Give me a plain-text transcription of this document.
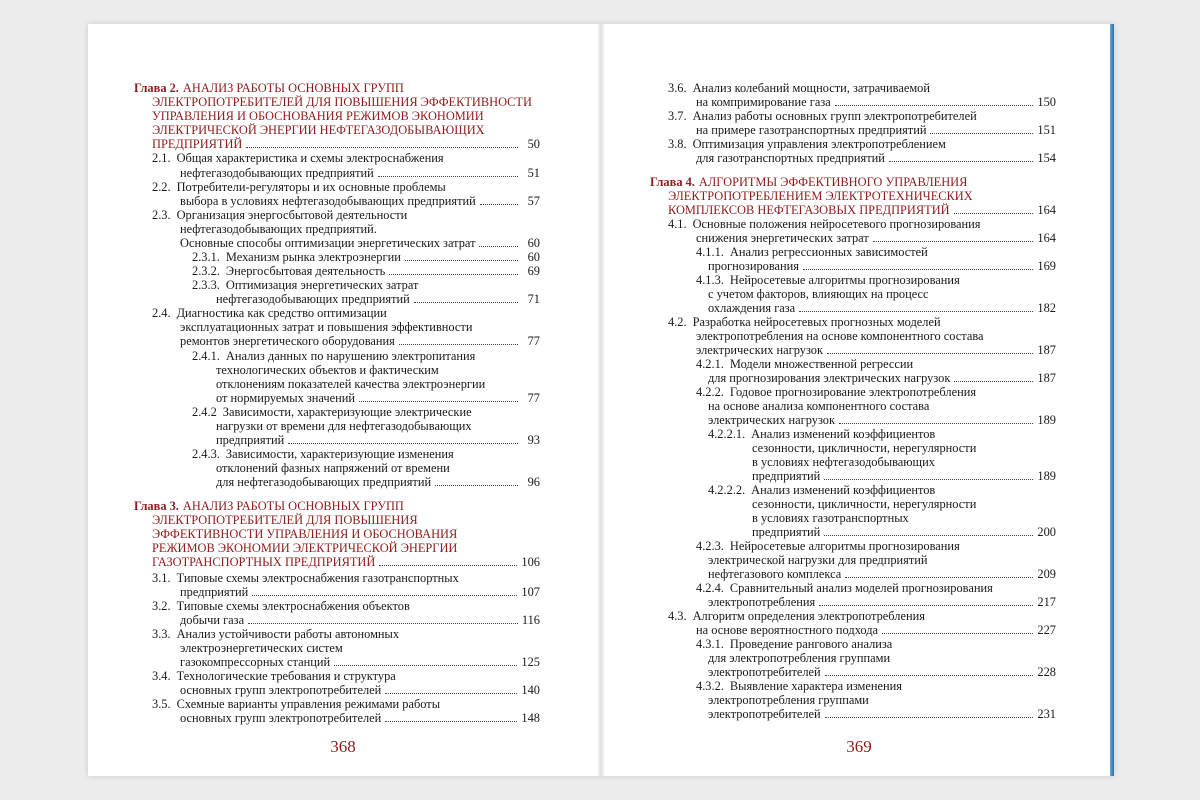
Глава 2. АНАЛИЗ РАБОТЫ ОСНОВНЫХ ГРУПП
ЭЛЕКТРОПОТРЕБИТЕЛЕЙ ДЛЯ ПОВЫШЕНИЯ ЭФФЕКТИВНОСТИ
УПРАВЛЕНИЯ И ОБОСНОВАНИЯ РЕЖИМОВ ЭКОНОМИИ
ЭЛЕКТРИЧЕСКОЙ ЭНЕРГИИ НЕФТЕГАЗОДОБЫВАЮЩИХ
ПРЕДПРИЯТИЙ	50
2.1. Общая характеристика и схемы электроснабжения
нефтегазодобывающих предприятий	51
2.2. Потребители-регуляторы и их основные проблемы
выбора в условиях нефтегазодобывающих предприятий	57
2.3. Организация энергосбытовой деятельности
нефтегазодобывающих предприятий.
Основные способы оптимизации энергетических затрат	60
2.3.1. Механизм рынка электроэнергии	60
2.3.2. Энергосбытовая деятельность	69
2.3.3. Оптимизация энергетических затрат
нефтегазодобывающих предприятий	71
2.4. Диагностика как средство оптимизации
эксплуатационных затрат и повышения эффективности
ремонтов энергетического оборудования	77
2.4.1. Анализ данных по нарушению электропитания
технологических объектов и фактическим
отклонениям показателей качества электроэнергии
от нормируемых значений	77
2.4.2 Зависимости, характеризующие электрические
нагрузки от времени для нефтегазодобывающих
предприятий	93
2.4.3. Зависимости, характеризующие изменения
отклонений фазных напряжений от времени
для нефтегазодобывающих предприятий	96
Глава 3. АНАЛИЗ РАБОТЫ ОСНОВНЫХ ГРУПП
ЭЛЕКТРОПОТРЕБИТЕЛЕЙ ДЛЯ ПОВЫШЕНИЯ
ЭФФЕКТИВНОСТИ УПРАВЛЕНИЯ И ОБОСНОВАНИЯ
РЕЖИМОВ ЭКОНОМИИ ЭЛЕКТРИЧЕСКОЙ ЭНЕРГИИ
ГАЗОТРАНСПОРТНЫХ ПРЕДПРИЯТИЙ	106
3.1. Типовые схемы электроснабжения газотранспортных
предприятий	107
3.2. Типовые схемы электроснабжения объектов
добычи газа	116
3.3. Анализ устойчивости работы автономных
электроэнергетических систем
газокомпрессорных станций	125
3.4. Технологические требования и структура
основных групп электропотребителей	140
3.5. Схемные варианты управления режимами работы
основных групп электропотребителей	148
368
3.6. Анализ колебаний мощности, затрачиваемой
на компримирование газа	150
3.7. Анализ работы основных групп электропотребителей
на примере газотранспортных предприятий	151
3.8. Оптимизация управления электропотреблением
для газотранспортных предприятий	154
Глава 4. АЛГОРИТМЫ ЭФФЕКТИВНОГО УПРАВЛЕНИЯ
ЭЛЕКТРОПОТРЕБЛЕНИЕМ ЭЛЕКТРОТЕХНИЧЕСКИХ
КОМПЛЕКСОВ НЕФТЕГАЗОВЫХ ПРЕДПРИЯТИЙ	164
4.1. Основные положения нейросетевого прогнозирования
снижения энергетических затрат	164
4.1.1. Анализ регрессионных зависимостей
прогнозирования	169
4.1.3. Нейросетевые алгоритмы прогнозирования
с учетом факторов, влияющих на процесс
охлаждения газа	182
4.2. Разработка нейросетевых прогнозных моделей
электропотребления на основе компонентного состава
электрических нагрузок	187
4.2.1. Модели множественной регрессии
для прогнозирования электрических нагрузок	187
4.2.2. Годовое прогнозирование электропотребления
на основе анализа компонентного состава
электрических нагрузок	189
4.2.2.1. Анализ изменений коэффициентов
сезонности, цикличности, нерегулярности
в условиях нефтегазодобывающих
предприятий	189
4.2.2.2. Анализ изменений коэффициентов
сезонности, цикличности, нерегулярности
в условиях газотранспортных
предприятий	200
4.2.3. Нейросетевые алгоритмы прогнозирования
электрической нагрузки для предприятий
нефтегазового комплекса	209
4.2.4. Сравнительный анализ моделей прогнозирования
электропотребления	217
4.3. Алгоритм определения электропотребления
на основе вероятностного подхода	227
4.3.1. Проведение рангового анализа
для электропотребления группами
электропотребителей	228
4.3.2. Выявление характера изменения
электропотребления группами
электропотребителей	231
369
